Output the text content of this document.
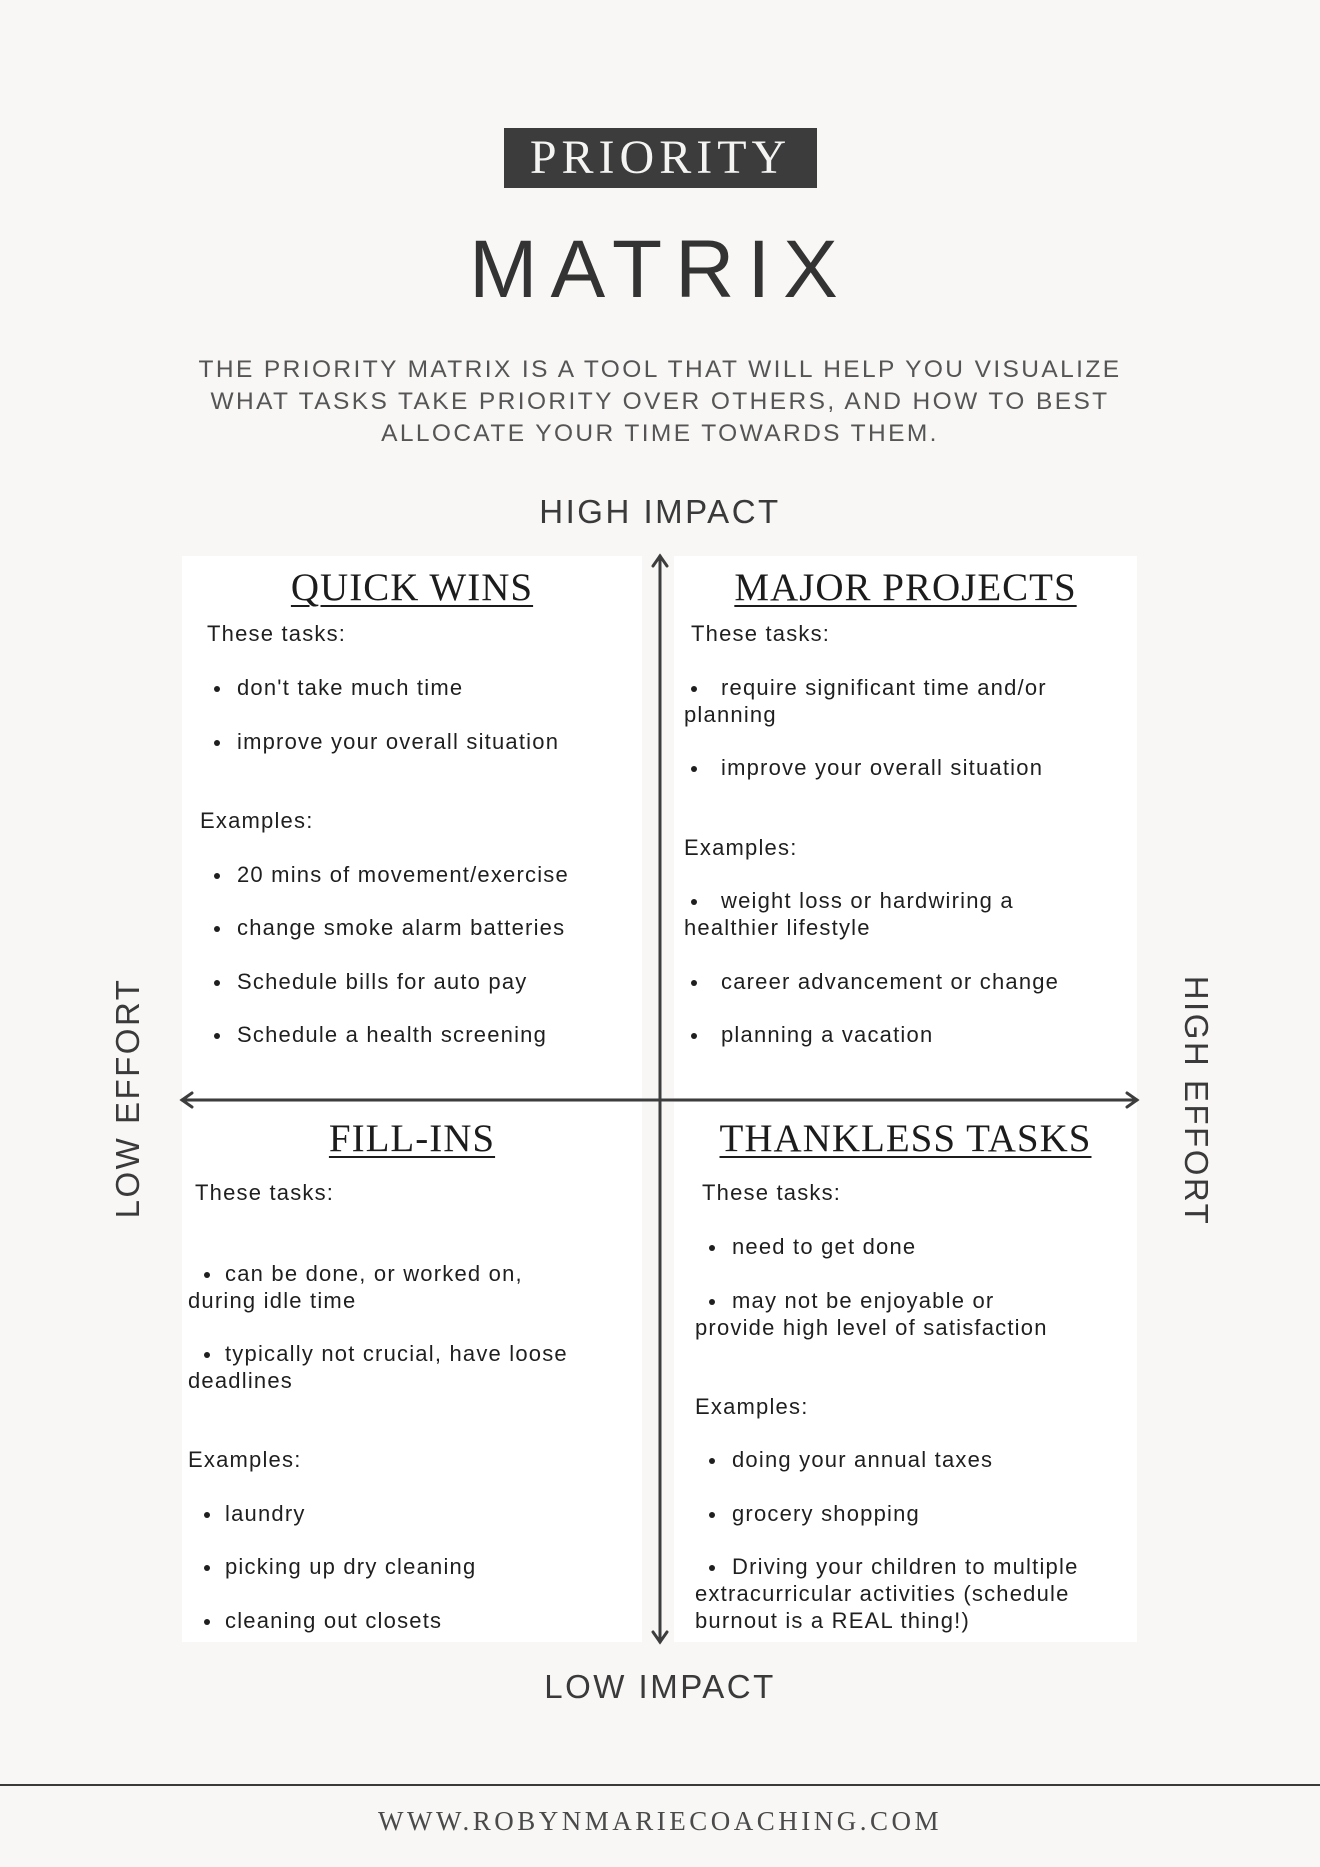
PRIORITY
MATRIX
THE PRIORITY MATRIX IS A TOOL THAT WILL HELP YOU VISUALIZE
WHAT TASKS TAKE PRIORITY OVER OTHERS, AND HOW TO BEST
ALLOCATE YOUR TIME TOWARDS THEM.
HIGH IMPACT
LOW IMPACT
LOW EFFORT	HIGH EFFORT
QUICK WINS
These tasks:
don't take much time
improve your overall situation
Examples:
20 mins of movement/exercise
change smoke alarm batteries
Schedule bills for auto pay
Schedule a health screening
MAJOR PROJECTS
These tasks:
require significant time and/or
planning
improve your overall situation
Examples:
weight loss or hardwiring a
healthier lifestyle
career advancement or change
planning a vacation
FILL-INS
These tasks:
can be done, or worked on,
during idle time
typically not crucial, have loose
deadlines
Examples:
laundry
picking up dry cleaning
cleaning out closets
THANKLESS TASKS
These tasks:
need to get done
may not be enjoyable or
provide high level of satisfaction
Examples:
doing your annual taxes
grocery shopping
Driving your children to multiple
extracurricular activities (schedule
burnout is a REAL thing!)
WWW.ROBYNMARIECOACHING.COM
